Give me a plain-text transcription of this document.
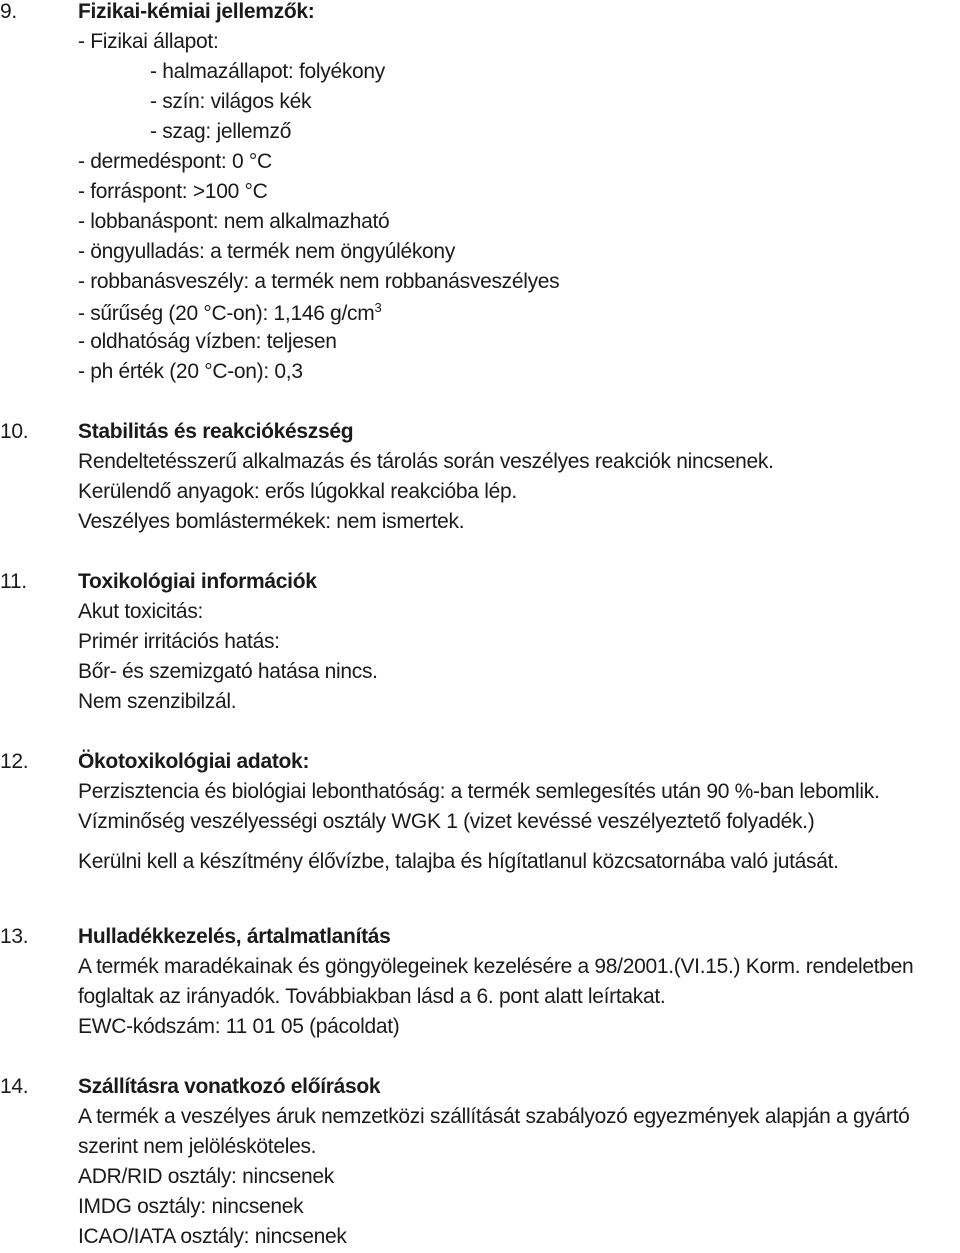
9.	Fizikai-kémiai jellemzők:
- Fizikai állapot:
- halmazállapot: folyékony
- szín: világos kék
- szag: jellemző
- dermedéspont: 0 °C
- forráspont: >100 °C
- lobbanáspont: nem alkalmazható
- öngyulladás: a termék nem öngyúlékony
- robbanásveszély: a termék nem robbanásveszélyes
- sűrűség (20 °C-on): 1,146 $g/cm^3$
- oldhatóság vízben: teljesen
- ph érték (20 °C-on): 0,3
10. Stabilitás és reakciókészség
Rendeltetésszerű alkalmazás és tárolás során veszélyes reakciók nincsenek.
Kerülendő anyagok: erős lúgokkal reakcióba lép.
Veszélyes bomlástermékek: nem ismertek.
11. Toxikológiai információk
Akut toxicitás:
Primér irritációs hatás:
Bőr- és szemizgató hatása nincs.
Nem szenzibilzál.
12. Ökotoxikológiai adatok:
Perzisztencia és biológiai lebonthatóság: a termék semlegesítés után 90 %-ban lebomlik.
Vízminőség veszélyességi osztály WGK 1 (vizet kevéssé veszélyeztető folyadék.)
Kerülni kell a készítmény élővízbe, talajba és hígítatlanul közcsatornába való jutását.
13. Hulladékkezelés, ártalmatlanítás
A termék maradékainak és göngyölegeinek kezelésére a 98/2001.(VI.15.) Korm. rendeletben
foglaltak az irányadók. Továbbiakban lásd a 6. pont alatt leírtakat.
EWC-kódszám: 11 01 05 (pácoldat)
14. Szállításra vonatkozó előírások
A termék a veszélyes áruk nemzetközi szállítását szabályozó egyezmények alapján a gyártó
szerint nem jelölésköteles.
ADR/RID osztály: nincsenek
IMDG osztály: nincsenek
ICAO/IATA osztály: nincsenek
